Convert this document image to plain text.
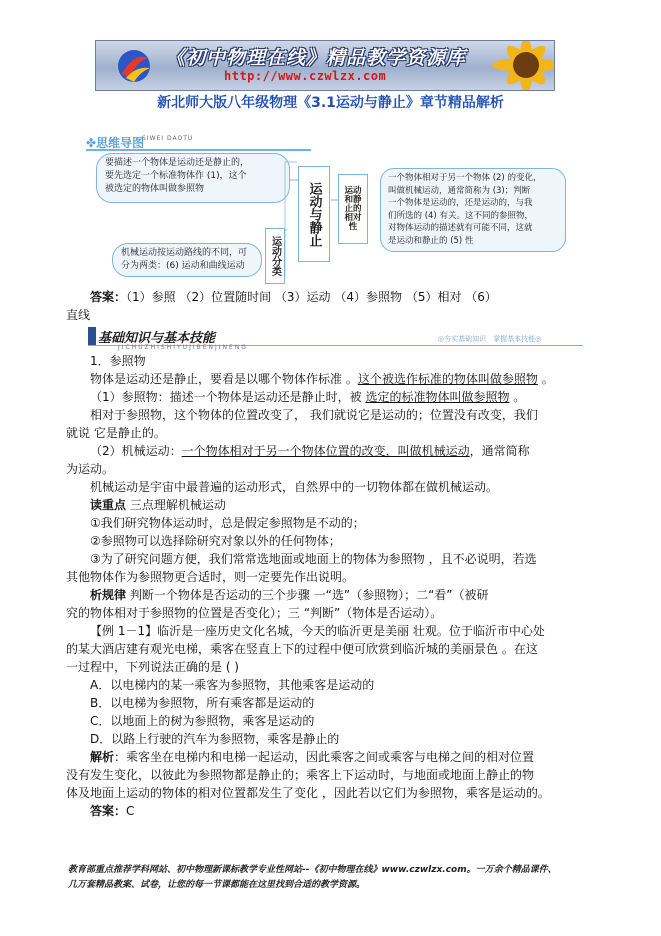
《初中物理在线》精品教学资源库
http://www.czwlzx.com
新北师大版八年级物理《3.1运动与静止》章节精品解析
✤思维导图
SIWEI DAOTU
要描述一个物体是运动还是静止的，
要先选定一个标准物体作 (1)，这个
被选定的物体叫做参照物
机械运动按运动路线的不同，可
分为两类：(6) 运动和曲线运动
运动与静止
运动分类
运动和静止的相对性
一个物体相对于另一个物体 (2) 的变化，
叫做机械运动，通常简称为 (3)；判断
一个物体是运动的，还是运动的，与我
们所选的 (4) 有关。这不同的参照物，
对物体运动的描述就有可能不同，这就
是运动和静止的 (5) 性
答案：（1）参照 （2）位置随时间 （3）运动 （4）参照物 （5）相对 （6）
直线
基础知识与基本技能
JICHUZHISHIYUJIBENJINENG
◎夯实基础知识　掌握基本技能◎
1．参照物
物体是运动还是静止，要看是以哪个物体作标准 。这个被选作标准的物体叫做参照物 。
（1）参照物：描述一个物体是运动还是静止时，被 选定的标准物体叫做参照物 。
相对于参照物，这个物体的位置改变了， 我们就说它是运动的；位置没有改变，我们
就说 它是静止的。
（2）机械运动：一个物体相对于另一个物体位置的改变，叫做机械运动，通常简称
为运动。
机械运动是宇宙中最普遍的运动形式，自然界中的一切物体都在做机械运动。
读重点 三点理解机械运动
①我们研究物体运动时，总是假定参照物是不动的；
②参照物可以选择除研究对象以外的任何物体；
③为了研究问题方便，我们常常选地面或地面上的物体为参照物 ，且不必说明，若选
其他物体作为参照物更合适时，则一定要先作出说明。
析规律 判断一个物体是否运动的三个步骤 一“选”（参照物）；二“看”（被研
究的物体相对于参照物的位置是否变化）；三 “判断”（物体是否运动）。
【例 1－1】临沂是一座历史文化名城，今天的临沂更是美丽 壮观。位于临沂市中心处
的某大酒店建有观光电梯，乘客在竖直上下的过程中便可欣赏到临沂城的美丽景色 。在这
一过程中，下列说法正确的是 ( )
A．以电梯内的某一乘客为参照物，其他乘客是运动的
B．以电梯为参照物，所有乘客都是运动的
C．以地面上的树为参照物，乘客是运动的
D．以路上行驶的汽车为参照物，乘客是静止的
解析：乘客坐在电梯内和电梯一起运动，因此乘客之间或乘客与电梯之间的相对位置
没有发生变化，以彼此为参照物都是静止的；乘客上下运动时，与地面或地面上静止的物
体及地面上运动的物体的相对位置都发生了变化 ，因此若以它们为参照物，乘客是运动的。
答案：C
教育部重点推荐学科网站、初中物理新课标教学专业性网站--《初中物理在线》www.czwlzx.com。一万余个精品课件、
几万套精品教案、试卷，让您的每一节课都能在这里找到合适的教学资源。
